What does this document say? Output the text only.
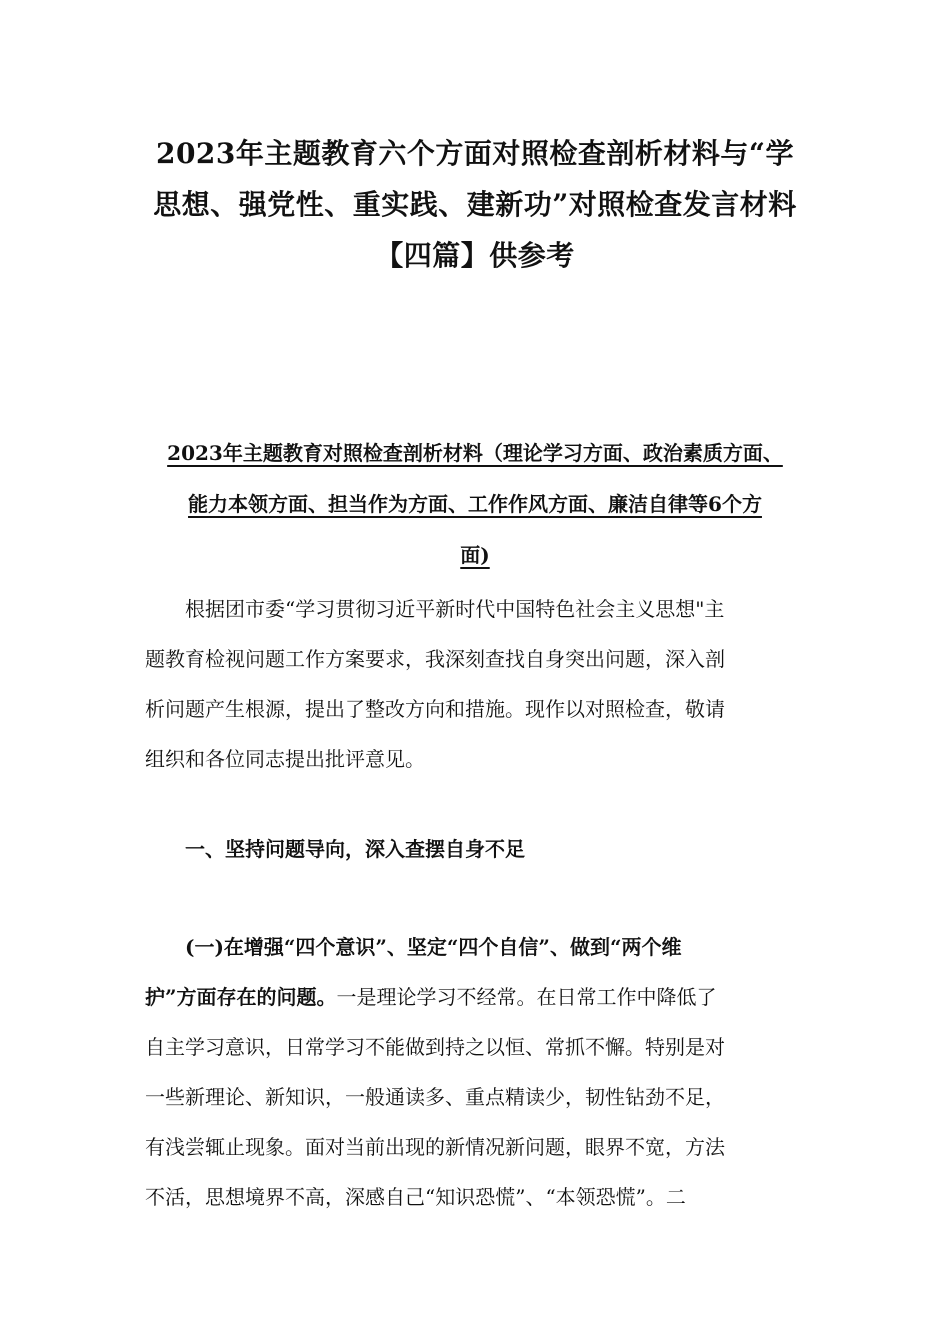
2023年主题教育六个方面对照检查剖析材料与“学
思想、强党性、重实践、建新功”对照检查发言材料
【四篇】供参考
2023年主题教育对照检查剖析材料（理论学习方面、政治素质方面、
能力本领方面、担当作为方面、工作作风方面、廉洁自律等6个方
面)

根据团市委“学习贯彻习近平新时代中国特色社会主义思想"主
题教育检视问题工作方案要求，我深刻查找自身突出问题，深入剖
析问题产生根源，提出了整改方向和措施。现作以对照检查，敬请
组织和各位同志提出批评意见。

一、坚持问题导向，深入查摆自身不足

(一)在增强“四个意识”、坚定“四个自信”、做到“两个维
护”方面存在的问题。一是理论学习不经常。在日常工作中降低了
自主学习意识，日常学习不能做到持之以恒、常抓不懈。特别是对
一些新理论、新知识，一般通读多、重点精读少，韧性钻劲不足，
有浅尝辄止现象。面对当前出现的新情况新问题，眼界不宽，方法
不活，思想境界不高，深感自己“知识恐慌”、“本领恐慌”。二
